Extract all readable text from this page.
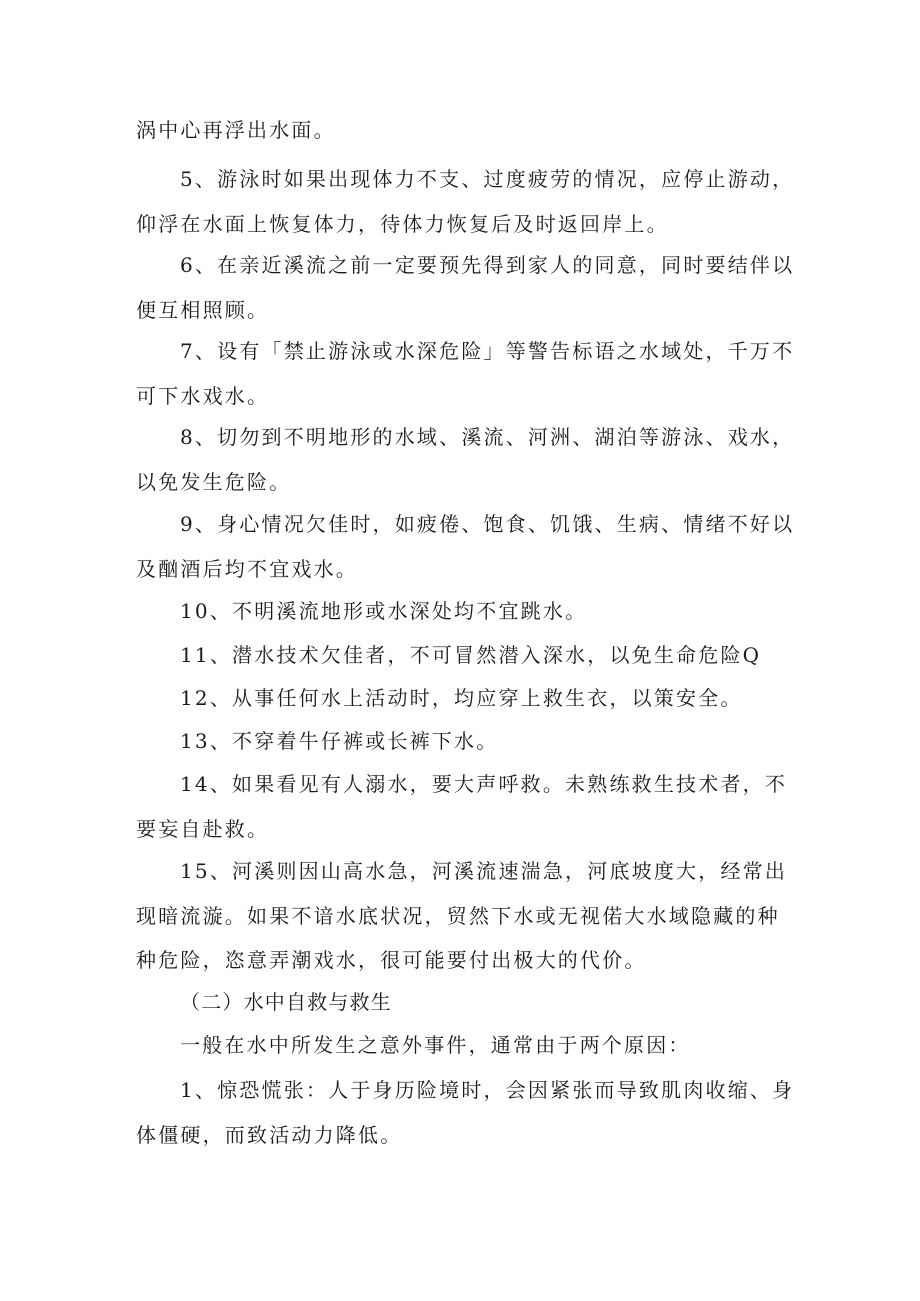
涡中心再浮出水面。

5、游泳时如果出现体力不支、过度疲劳的情况，应停止游动，仰浮在水面上恢复体力，待体力恢复后及时返回岸上。

6、在亲近溪流之前一定要预先得到家人的同意，同时要结伴以便互相照顾。

7、设有「禁止游泳或水深危险」等警告标语之水域处，千万不可下水戏水。

8、切勿到不明地形的水域、溪流、河洲、湖泊等游泳、戏水，以免发生危险。

9、身心情况欠佳时，如疲倦、饱食、饥饿、生病、情绪不好以及酗酒后均不宜戏水。

10、不明溪流地形或水深处均不宜跳水。

11、潜水技术欠佳者，不可冒然潜入深水，以免生命危险Q

12、从事任何水上活动时，均应穿上救生衣，以策安全。

13、不穿着牛仔裤或长裤下水。

14、如果看见有人溺水，要大声呼救。未熟练救生技术者，不要妄自赴救。

15、河溪则因山高水急，河溪流速湍急，河底坡度大，经常出现暗流漩。如果不谙水底状况，贸然下水或无视偌大水域隐藏的种种危险，恣意弄潮戏水，很可能要付出极大的代价。

（二）水中自救与救生

一般在水中所发生之意外事件，通常由于两个原因：

1、惊恐慌张：人于身历险境时，会因紧张而导致肌肉收缩、身体僵硬，而致活动力降低。
